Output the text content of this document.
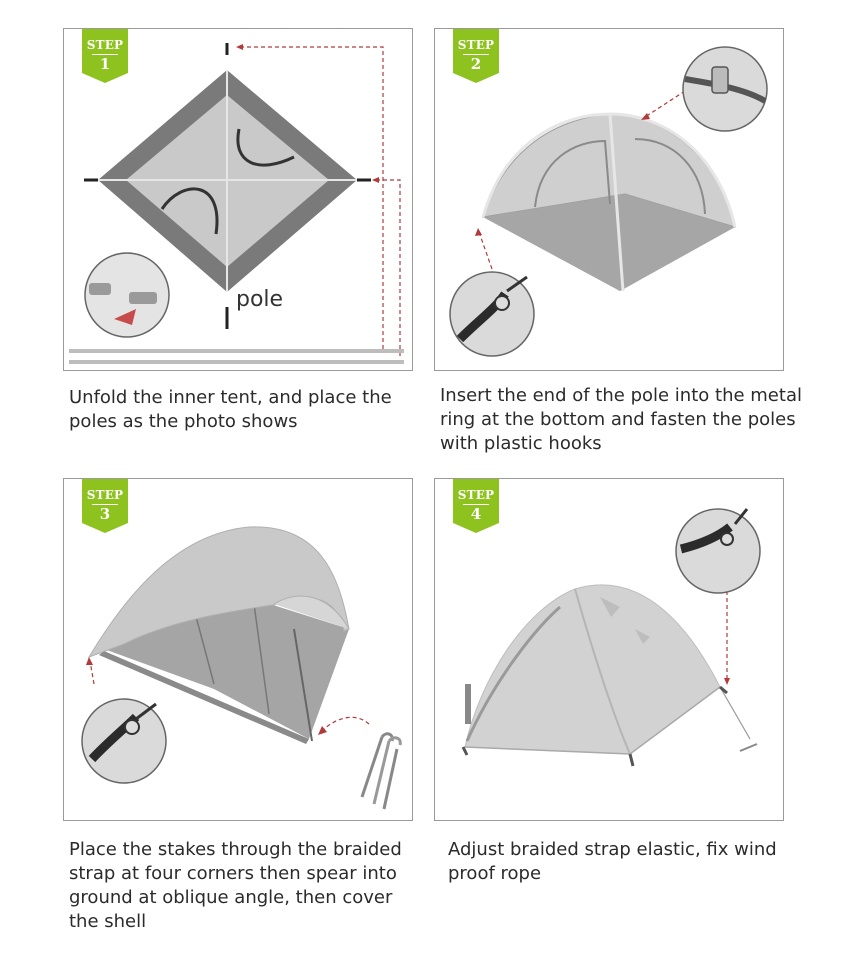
pole
STEP
1
Unfold the inner tent, and place the poles as the photo shows
STEP
2
Insert the end of the pole into the metal ring at the bottom and fasten the poles with plastic hooks
STEP
3
Place the stakes through the braided strap at four corners then spear into ground at oblique angle, then cover the shell
STEP
4
Adjust braided strap elastic, fix wind proof rope
